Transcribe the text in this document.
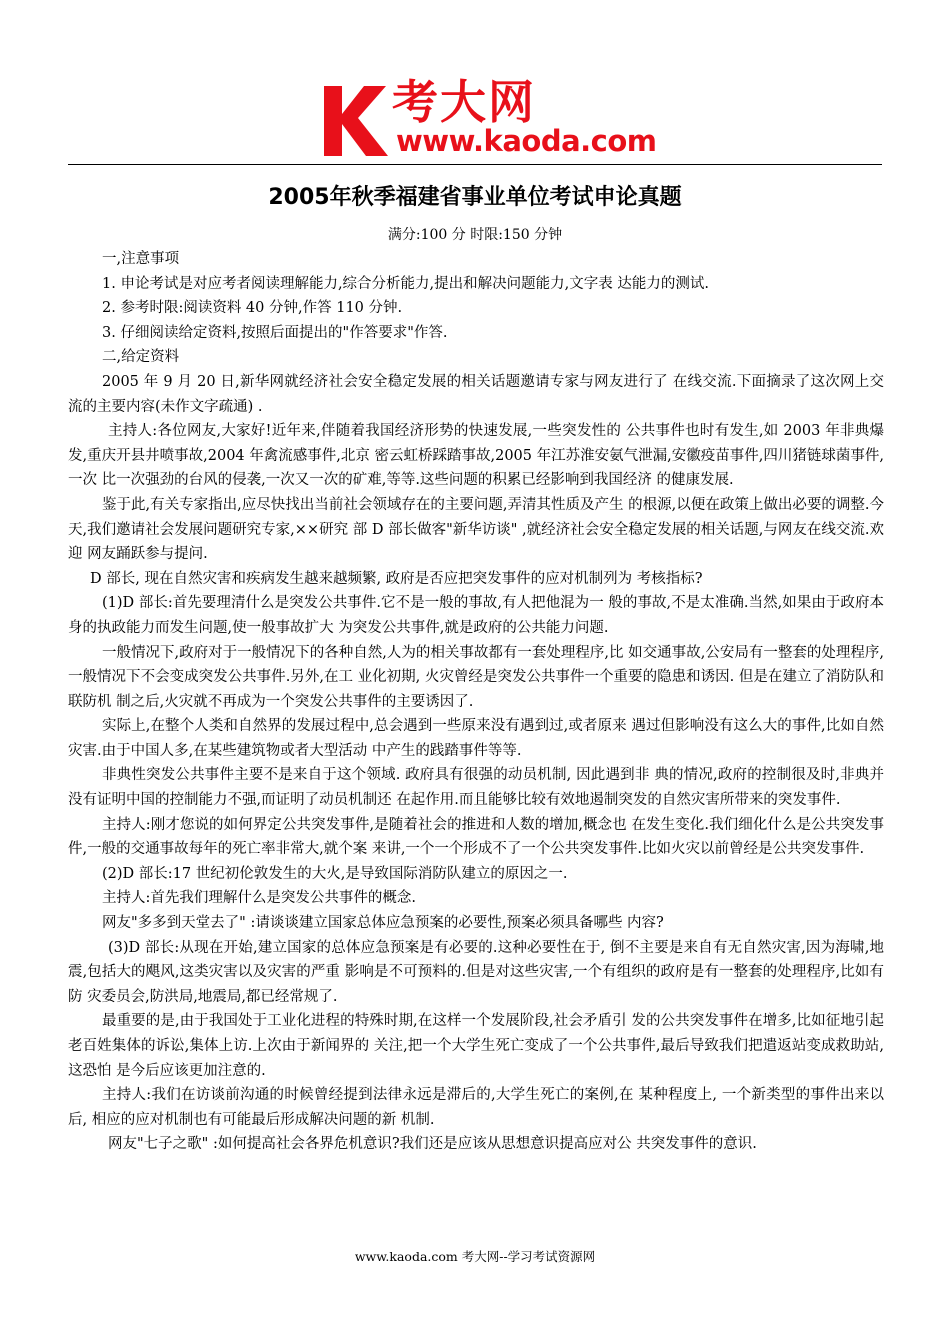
考大网
www.kaoda.com
2005年秋季福建省事业单位考试申论真题
满分:100 分 时限:150 分钟

一,注意事项

1. 申论考试是对应考者阅读理解能力,综合分析能力,提出和解决问题能力,文字表 达能力的测试.

2. 参考时限:阅读资料 40 分钟,作答 110 分钟.

3. 仔细阅读给定资料,按照后面提出的"作答要求"作答.

二,给定资料

2005 年 9 月 20 日,新华网就经济社会安全稳定发展的相关话题邀请专家与网友进行了 在线交流.下面摘录了这次网上交流的主要内容(未作文字疏通) .

主持人:各位网友,大家好!近年来,伴随着我国经济形势的快速发展,一些突发性的 公共事件也时有发生,如 2003 年非典爆发,重庆开县井喷事故,2004 年禽流感事件,北京 密云虹桥踩踏事故,2005 年江苏淮安氨气泄漏,安徽疫苗事件,四川猪链球菌事件,一次 比一次强劲的台风的侵袭,一次又一次的矿难,等等.这些问题的积累已经影响到我国经济 的健康发展.

鉴于此,有关专家指出,应尽快找出当前社会领域存在的主要问题,弄清其性质及产生 的根源,以便在政策上做出必要的调整.今天,我们邀请社会发展问题研究专家,××研究 部 D 部长做客"新华访谈" ,就经济社会安全稳定发展的相关话题,与网友在线交流.欢迎 网友踊跃参与提问.

D 部长, 现在自然灾害和疾病发生越来越频繁, 政府是否应把突发事件的应对机制列为 考核指标?

(1)D 部长:首先要理清什么是突发公共事件.它不是一般的事故,有人把他混为一 般的事故,不是太准确.当然,如果由于政府本身的执政能力而发生问题,使一般事故扩大 为突发公共事件,就是政府的公共能力问题.

一般情况下,政府对于一般情况下的各种自然,人为的相关事故都有一套处理程序,比 如交通事故,公安局有一整套的处理程序,一般情况下不会变成突发公共事件.另外,在工 业化初期, 火灾曾经是突发公共事件一个重要的隐患和诱因. 但是在建立了消防队和联防机 制之后,火灾就不再成为一个突发公共事件的主要诱因了.

实际上,在整个人类和自然界的发展过程中,总会遇到一些原来没有遇到过,或者原来 遇过但影响没有这么大的事件,比如自然灾害.由于中国人多,在某些建筑物或者大型活动 中产生的践踏事件等等.

非典性突发公共事件主要不是来自于这个领域. 政府具有很强的动员机制, 因此遇到非 典的情况,政府的控制很及时,非典并没有证明中国的控制能力不强,而证明了动员机制还 在起作用.而且能够比较有效地遏制突发的自然灾害所带来的突发事件.

主持人:刚才您说的如何界定公共突发事件,是随着社会的推进和人数的增加,概念也 在发生变化.我们细化什么是公共突发事件,一般的交通事故每年的死亡率非常大,就个案 来讲,一个一个形成不了一个公共突发事件.比如火灾以前曾经是公共突发事件.

(2)D 部长:17 世纪初伦敦发生的大火,是导致国际消防队建立的原因之一.

主持人:首先我们理解什么是突发公共事件的概念.

网友"多多到天堂去了" :请谈谈建立国家总体应急预案的必要性,预案必须具备哪些 内容?

(3)D 部长:从现在开始,建立国家的总体应急预案是有必要的.这种必要性在于, 倒不主要是来自有无自然灾害,因为海啸,地震,包括大的飓风,这类灾害以及灾害的严重 影响是不可预料的.但是对这些灾害,一个有组织的政府是有一整套的处理程序,比如有防 灾委员会,防洪局,地震局,都已经常规了.

最重要的是,由于我国处于工业化进程的特殊时期,在这样一个发展阶段,社会矛盾引 发的公共突发事件在增多,比如征地引起老百姓集体的诉讼,集体上访.上次由于新闻界的 关注,把一个大学生死亡变成了一个公共事件,最后导致我们把遣返站变成救助站,这恐怕 是今后应该更加注意的.

主持人:我们在访谈前沟通的时候曾经提到法律永远是滞后的,大学生死亡的案例,在 某种程度上, 一个新类型的事件出来以后, 相应的应对机制也有可能最后形成解决问题的新 机制.

网友"七子之歌" :如何提高社会各界危机意识?我们还是应该从思想意识提高应对公 共突发事件的意识.

www.kaoda.com 考大网--学习考试资源网
